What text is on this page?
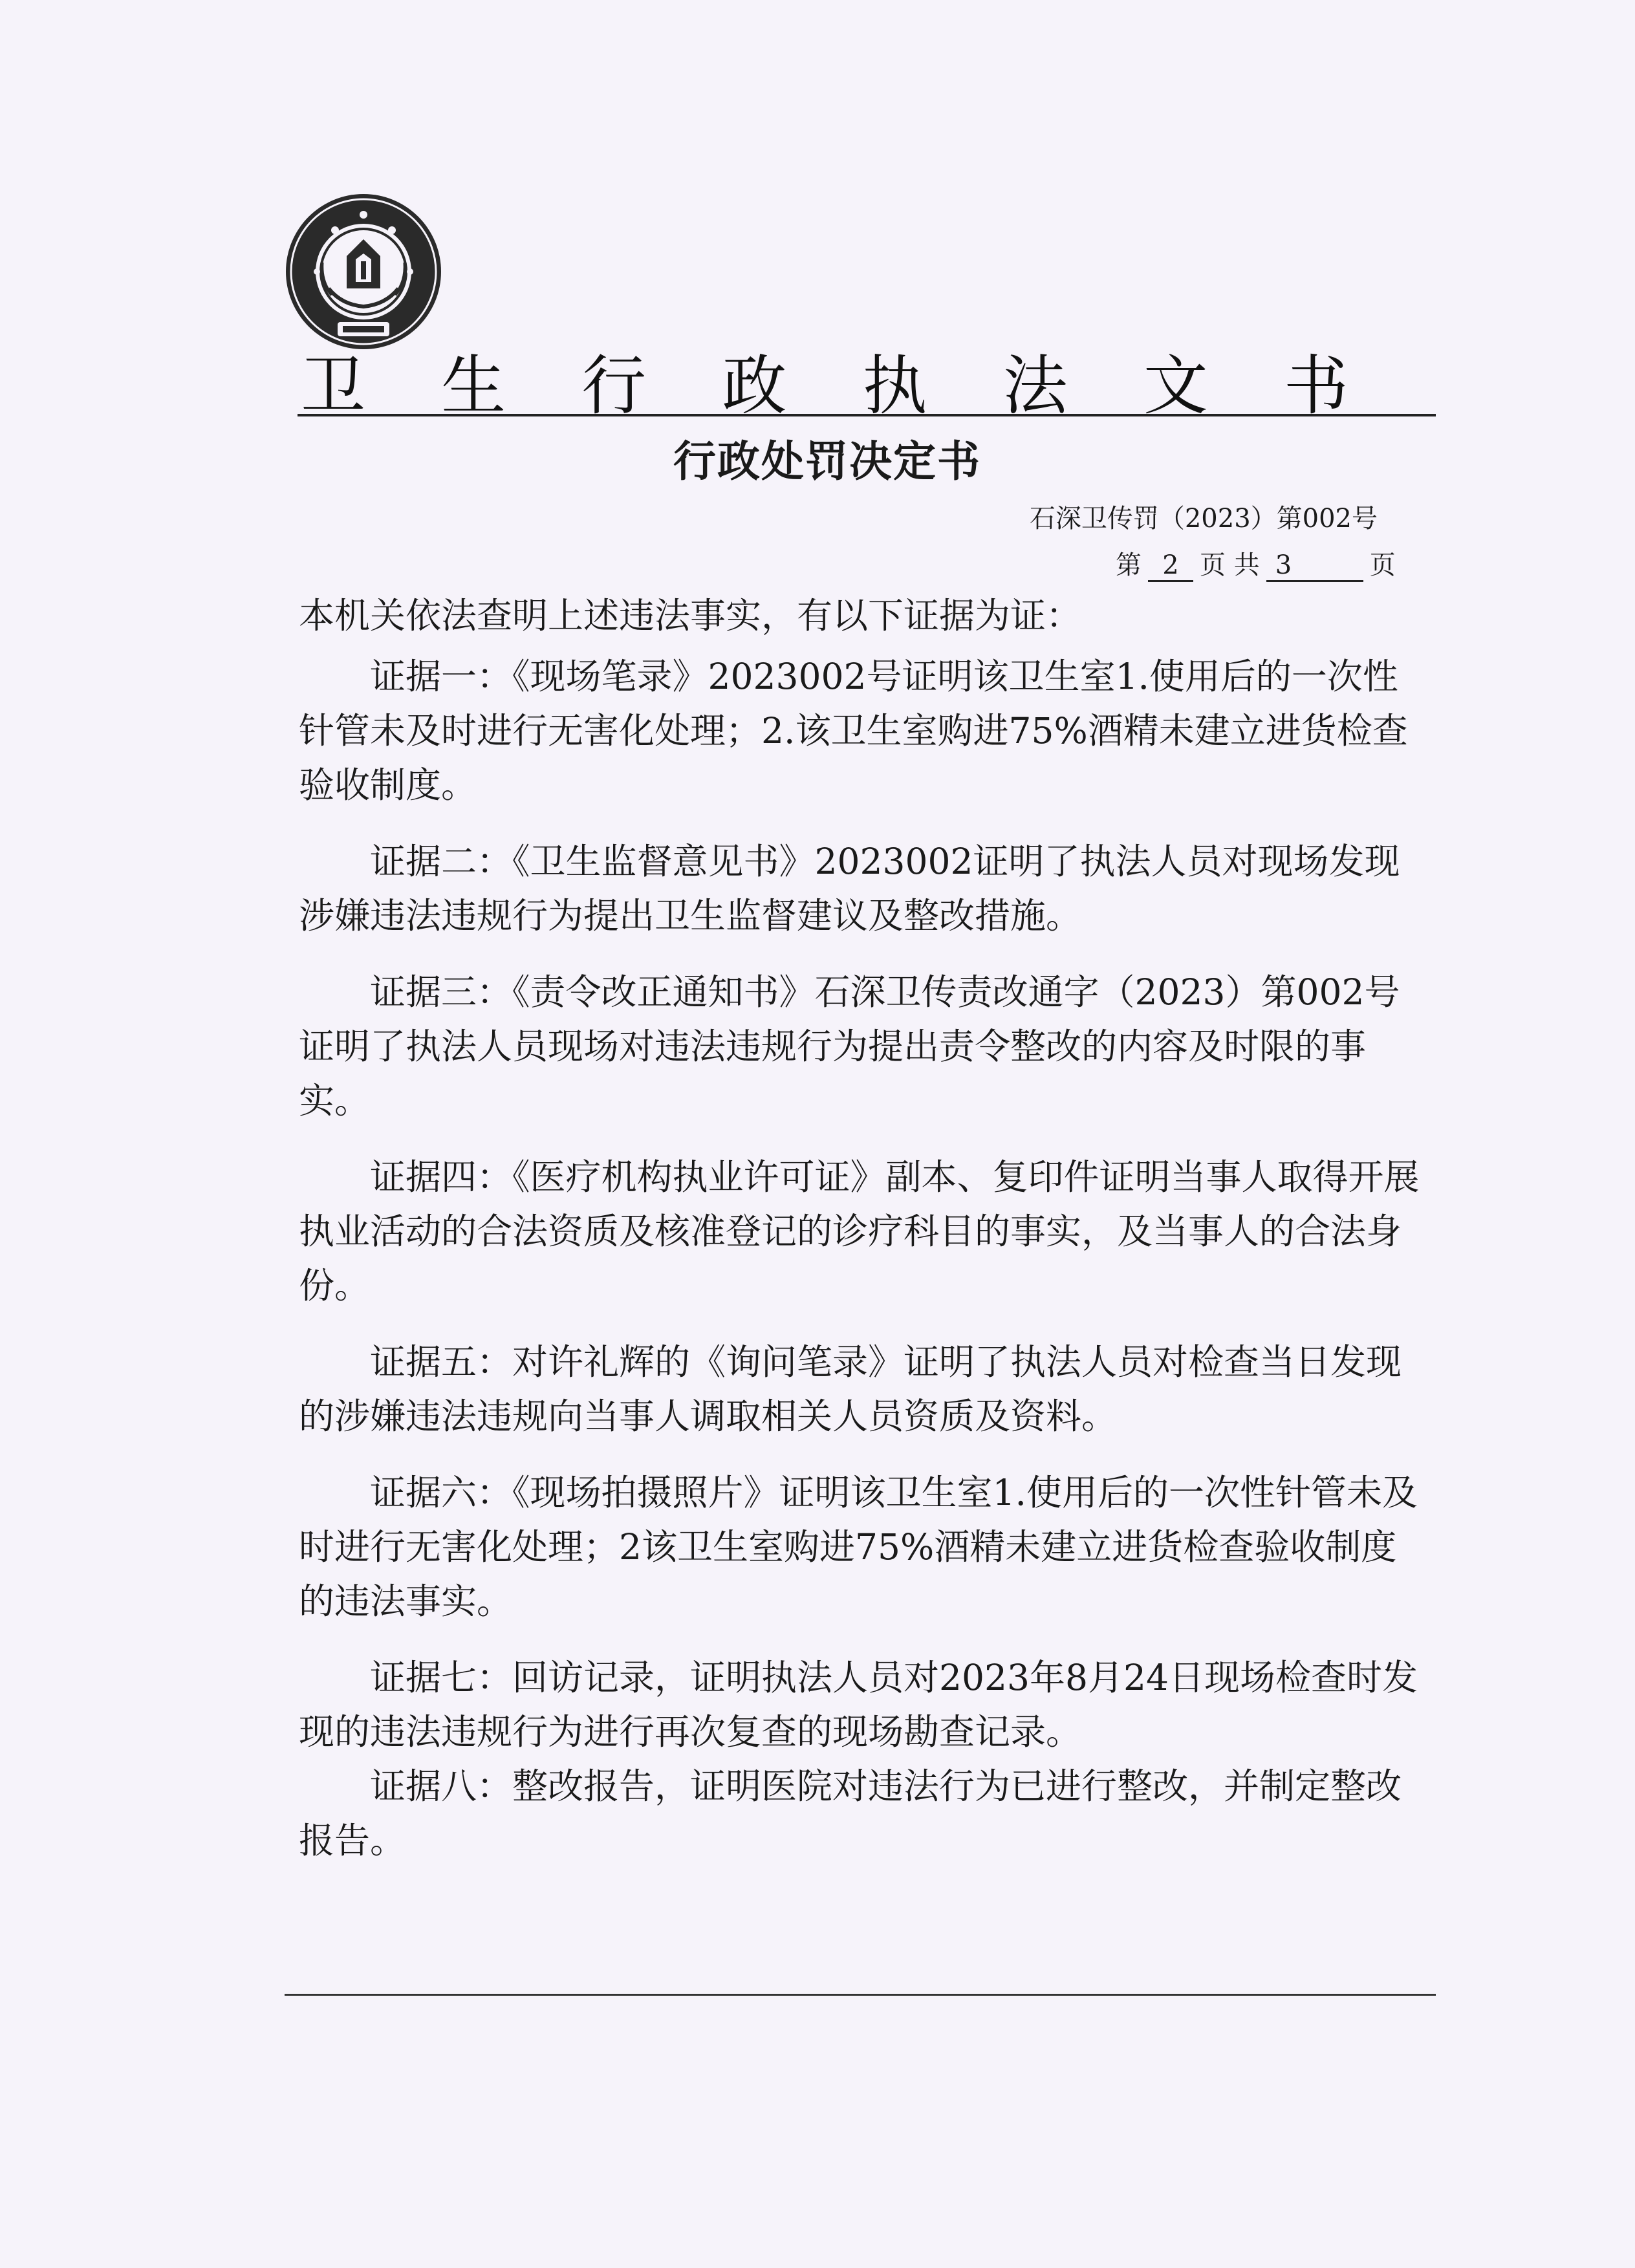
卫 生 行 政 执 法 文 书
行政处罚决定书
石深卫传罚（2023）第002号
第 2 页 共 3	页

本机关依法查明上述违法事实，有以下证据为证：

证据一：《现场笔录》2023002号证明该卫生室1.使用后的一次性针管未及时进行无害化处理；2.该卫生室购进75%酒精未建立进货检查验收制度。

证据二：《卫生监督意见书》2023002证明了执法人员对现场发现涉嫌违法违规行为提出卫生监督建议及整改措施。

证据三：《责令改正通知书》石深卫传责改通字（2023）第002号证明了执法人员现场对违法违规行为提出责令整改的内容及时限的事实。

证据四：《医疗机构执业许可证》副本、复印件证明当事人取得开展执业活动的合法资质及核准登记的诊疗科目的事实，及当事人的合法身份。

证据五：对许礼辉的《询问笔录》证明了执法人员对检查当日发现的涉嫌违法违规向当事人调取相关人员资质及资料。

证据六：《现场拍摄照片》证明该卫生室1.使用后的一次性针管未及时进行无害化处理；2该卫生室购进75%酒精未建立进货检查验收制度的违法事实。

证据七：回访记录，证明执法人员对2023年8月24日现场检查时发现的违法违规行为进行再次复查的现场勘查记录。

证据八：整改报告，证明医院对违法行为已进行整改，并制定整改报告。
